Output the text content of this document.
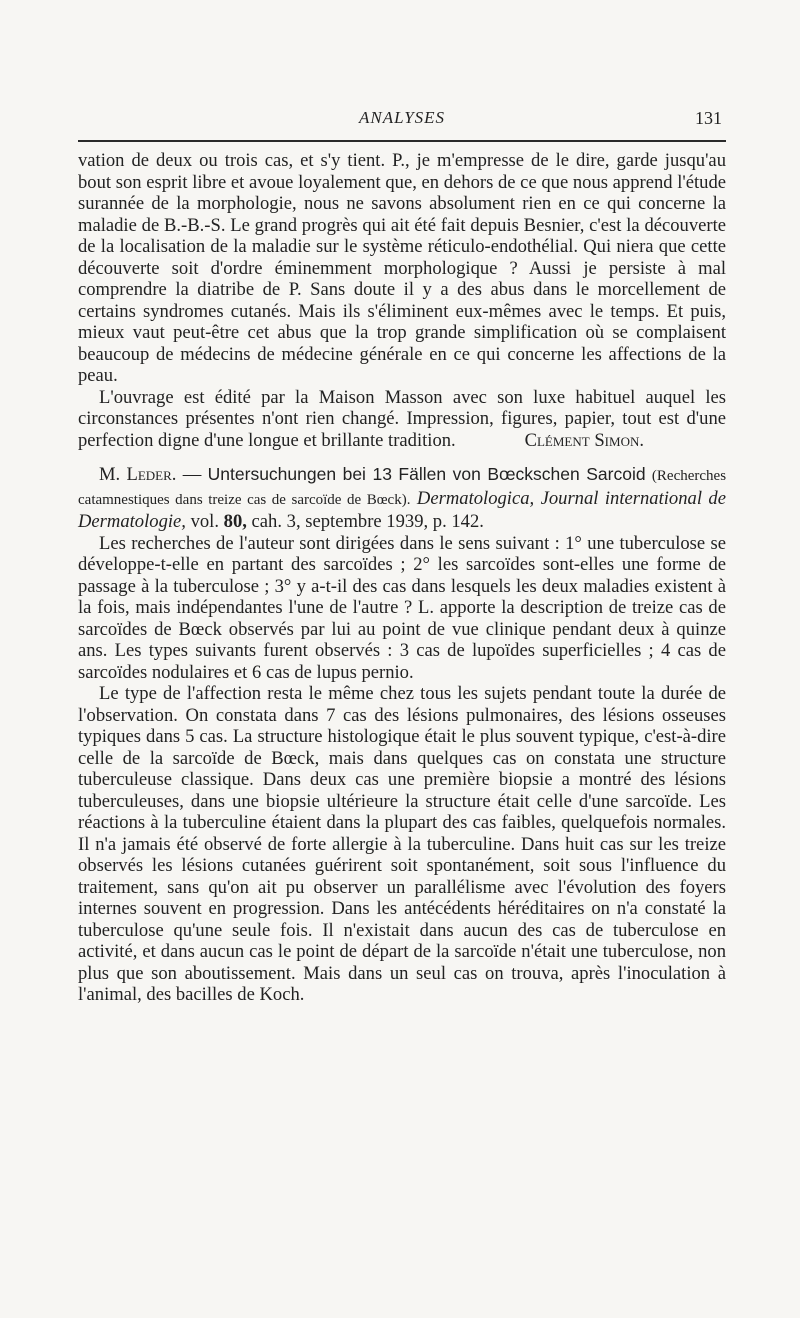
ANALYSES	131

vation de deux ou trois cas, et s'y tient. P., je m'empresse de le dire, garde jusqu'au bout son esprit libre et avoue loyalement que, en dehors de ce que nous apprend l'étude surannée de la morphologie, nous ne savons absolument rien en ce qui concerne la maladie de B.-B.-S. Le grand progrès qui ait été fait depuis Besnier, c'est la découverte de la localisation de la maladie sur le système réticulo-endothélial. Qui niera que cette découverte soit d'ordre éminemment morphologique ? Aussi je persiste à mal comprendre la diatribe de P. Sans doute il y a des abus dans le morcellement de certains syndromes cutanés. Mais ils s'éliminent eux-mêmes avec le temps. Et puis, mieux vaut peut-être cet abus que la trop grande simplification où se complaisent beaucoup de médecins de médecine générale en ce qui concerne les affections de la peau.

L'ouvrage est édité par la Maison Masson avec son luxe habituel auquel les circonstances présentes n'ont rien changé. Impression, figures, papier, tout est d'une perfection digne d'une longue et brillante tradition.	Clément Simon.

M. Leder. — Untersuchungen bei 13 Fällen von Bœckschen Sarcoid (Recherches catamnestiques dans treize cas de sarcoïde de Bœck). Dermatologica, Journal international de Dermatologie, vol. 80, cah. 3, septembre 1939, p. 142.

Les recherches de l'auteur sont dirigées dans le sens suivant : 1° une tuberculose se développe-t-elle en partant des sarcoïdes ; 2° les sarcoïdes sont-elles une forme de passage à la tuberculose ; 3° y a-t-il des cas dans lesquels les deux maladies existent à la fois, mais indépendantes l'une de l'autre ? L. apporte la description de treize cas de sarcoïdes de Bœck observés par lui au point de vue clinique pendant deux à quinze ans. Les types suivants furent observés : 3 cas de lupoïdes superficielles ; 4 cas de sarcoïdes nodulaires et 6 cas de lupus pernio.

Le type de l'affection resta le même chez tous les sujets pendant toute la durée de l'observation. On constata dans 7 cas des lésions pulmonaires, des lésions osseuses typiques dans 5 cas. La structure histologique était le plus souvent typique, c'est-à-dire celle de la sarcoïde de Bœck, mais dans quelques cas on constata une structure tuberculeuse classique. Dans deux cas une première biopsie a montré des lésions tuberculeuses, dans une biopsie ultérieure la structure était celle d'une sarcoïde. Les réactions à la tuberculine étaient dans la plupart des cas faibles, quelquefois normales. Il n'a jamais été observé de forte allergie à la tuberculine. Dans huit cas sur les treize observés les lésions cutanées guérirent soit spontanément, soit sous l'influence du traitement, sans qu'on ait pu observer un parallélisme avec l'évolution des foyers internes souvent en progression. Dans les antécédents héréditaires on n'a constaté la tuberculose qu'une seule fois. Il n'existait dans aucun des cas de tuberculose en activité, et dans aucun cas le point de départ de la sarcoïde n'était une tuberculose, non plus que son aboutissement. Mais dans un seul cas on trouva, après l'inoculation à l'animal, des bacilles de Koch.
